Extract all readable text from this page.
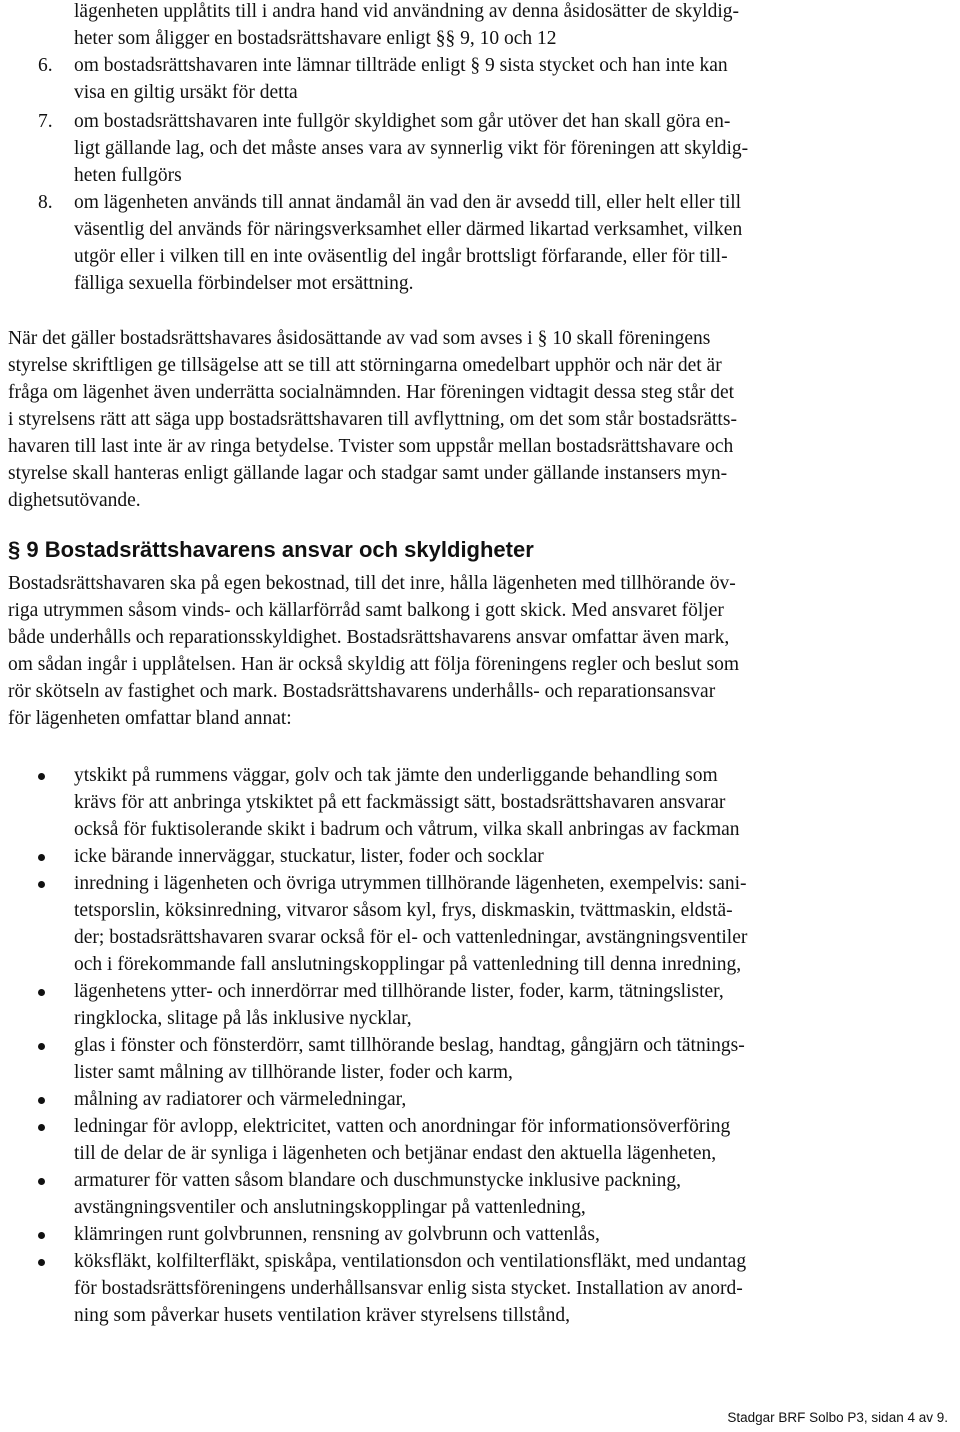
lägenheten upplåtits till i andra hand vid användning av denna åsidosätter de skyldig-
heter som åligger en bostadsrättshavare enligt §§ 9, 10 och 12
6. om bostadsrättshavaren inte lämnar tillträde enligt § 9 sista stycket och han inte kan
visa en giltig ursäkt för detta
7. om bostadsrättshavaren inte fullgör skyldighet som går utöver det han skall göra en-
ligt gällande lag, och det måste anses vara av synnerlig vikt för föreningen att skyldig-
heten fullgörs
8. om lägenheten används till annat ändamål än vad den är avsedd till, eller helt eller till
väsentlig del används för näringsverksamhet eller därmed likartad verksamhet, vilken
utgör eller i vilken till en inte oväsentlig del ingår brottsligt förfarande, eller för till-
fälliga sexuella förbindelser mot ersättning.
När det gäller bostadsrättshavares åsidosättande av vad som avses i § 10 skall föreningens
styrelse skriftligen ge tillsägelse att se till att störningarna omedelbart upphör och när det är
fråga om lägenhet även underrätta socialnämnden. Har föreningen vidtagit dessa steg står det
i styrelsens rätt att säga upp bostadsrättshavaren till avflyttning, om det som står bostadsrätts-
havaren till last inte är av ringa betydelse. Tvister som uppstår mellan bostadsrättshavare och
styrelse skall hanteras enligt gällande lagar och stadgar samt under gällande instansers myn-
dighetsutövande.
§ 9 Bostadsrättshavarens ansvar och skyldigheter
Bostadsrättshavaren ska på egen bekostnad, till det inre, hålla lägenheten med tillhörande öv-
riga utrymmen såsom vinds- och källarförråd samt balkong i gott skick. Med ansvaret följer
både underhålls och reparationsskyldighet. Bostadsrättshavarens ansvar omfattar även mark,
om sådan ingår i upplåtelsen. Han är också skyldig att följa föreningens regler och beslut som
rör skötseln av fastighet och mark. Bostadsrättshavarens underhålls- och reparationsansvar
för lägenheten omfattar bland annat:
ytskikt på rummens väggar, golv och tak jämte den underliggande behandling som
krävs för att anbringa ytskiktet på ett fackmässigt sätt, bostadsrättshavaren ansvarar
också för fuktisolerande skikt i badrum och våtrum, vilka skall anbringas av fackman
icke bärande innerväggar, stuckatur, lister, foder och socklar
inredning i lägenheten och övriga utrymmen tillhörande lägenheten, exempelvis: sani-
tetsporslin, köksinredning, vitvaror såsom kyl, frys, diskmaskin, tvättmaskin, eldstä-
der; bostadsrättshavaren svarar också för el- och vattenledningar, avstängningsventiler
och i förekommande fall anslutningskopplingar på vattenledning till denna inredning,
lägenhetens ytter- och innerdörrar med tillhörande lister, foder, karm, tätningslister,
ringklocka, slitage på lås inklusive nycklar,
glas i fönster och fönsterdörr, samt tillhörande beslag, handtag, gångjärn och tätnings-
lister samt målning av tillhörande lister, foder och karm,
målning av radiatorer och värmeledningar,
ledningar för avlopp, elektricitet, vatten och anordningar för informationsöverföring
till de delar de är synliga i lägenheten och betjänar endast den aktuella lägenheten,
armaturer för vatten såsom blandare och duschmunstycke inklusive packning,
avstängningsventiler och anslutningskopplingar på vattenledning,
klämringen runt golvbrunnen, rensning av golvbrunn och vattenlås,
köksfläkt, kolfilterfläkt, spiskåpa, ventilationsdon och ventilationsfläkt, med undantag
för bostadsrättsföreningens underhållsansvar enlig sista stycket. Installation av anord-
ning som påverkar husets ventilation kräver styrelsens tillstånd,
Stadgar BRF Solbo P3, sidan 4 av 9.
